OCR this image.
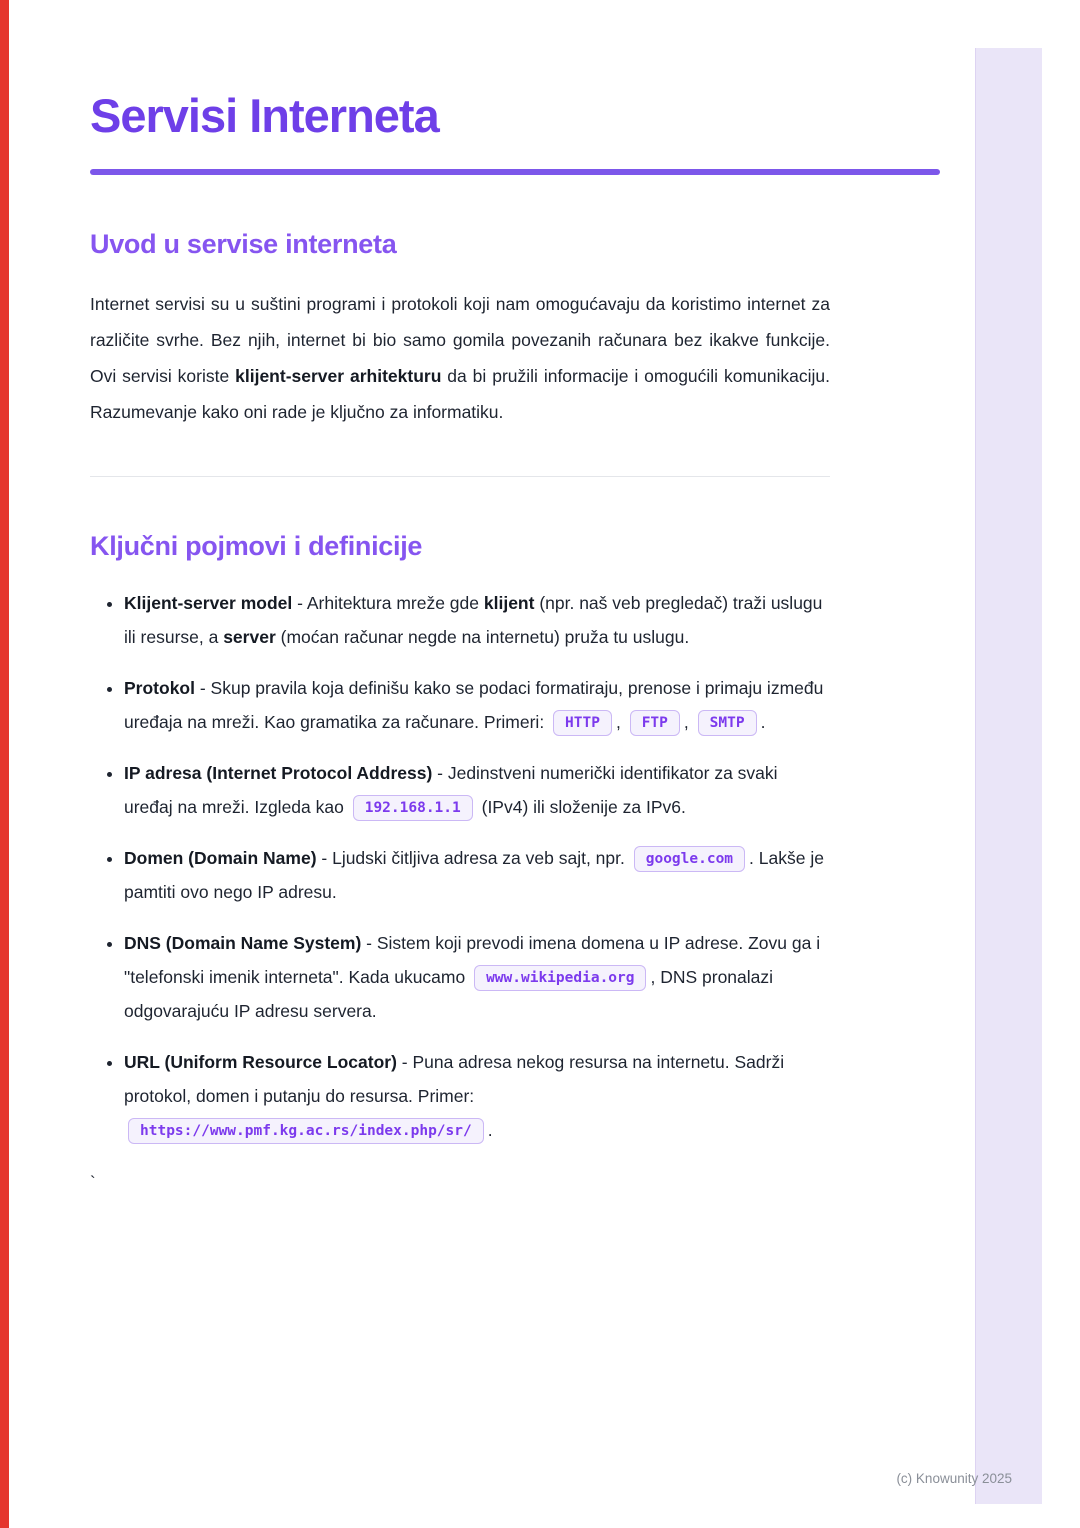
Servisi Interneta
Uvod u servise interneta

Internet servisi su u suštini programi i protokoli koji nam omogućavaju da koristimo internet za različite svrhe. Bez njih, internet bi bio samo gomila povezanih računara bez ikakve funkcije. Ovi servisi koriste klijent-server arhitekturu da bi pružili informacije i omogućili komunikaciju. Razumevanje kako oni rade je ključno za informatiku.

Ključni pojmovi i definicije
• Klijent-server model - Arhitektura mreže gde klijent (npr. naš veb pregledač) traži uslugu ili resurse, a server (moćan računar negde na internetu) pruža tu uslugu.
• Protokol - Skup pravila koja definišu kako se podaci formatiraju, prenose i primaju između uređaja na mreži. Kao gramatika za računare. Primeri: HTTP , FTP , SMTP .
• IP adresa (Internet Protocol Address) - Jedinstveni numerički identifikator za svaki uređaj na mreži. Izgleda kao 192.168.1.1 (IPv4) ili složenije za IPv6.
• Domen (Domain Name) - Ljudski čitljiva adresa za veb sajt, npr. google.com . Lakše je pamtiti ovo nego IP adresu.
• DNS (Domain Name System) - Sistem koji prevodi imena domena u IP adrese. Zovu ga i "telefonski imenik interneta". Kada ukucamo www.wikipedia.org , DNS pronalazi odgovarajuću IP adresu servera.
• URL (Uniform Resource Locator) - Puna adresa nekog resursa na internetu. Sadrži protokol, domen i putanju do resursa. Primer: https://www.pmf.kg.ac.rs/index.php/sr/ .
`
(c) Knowunity 2025
